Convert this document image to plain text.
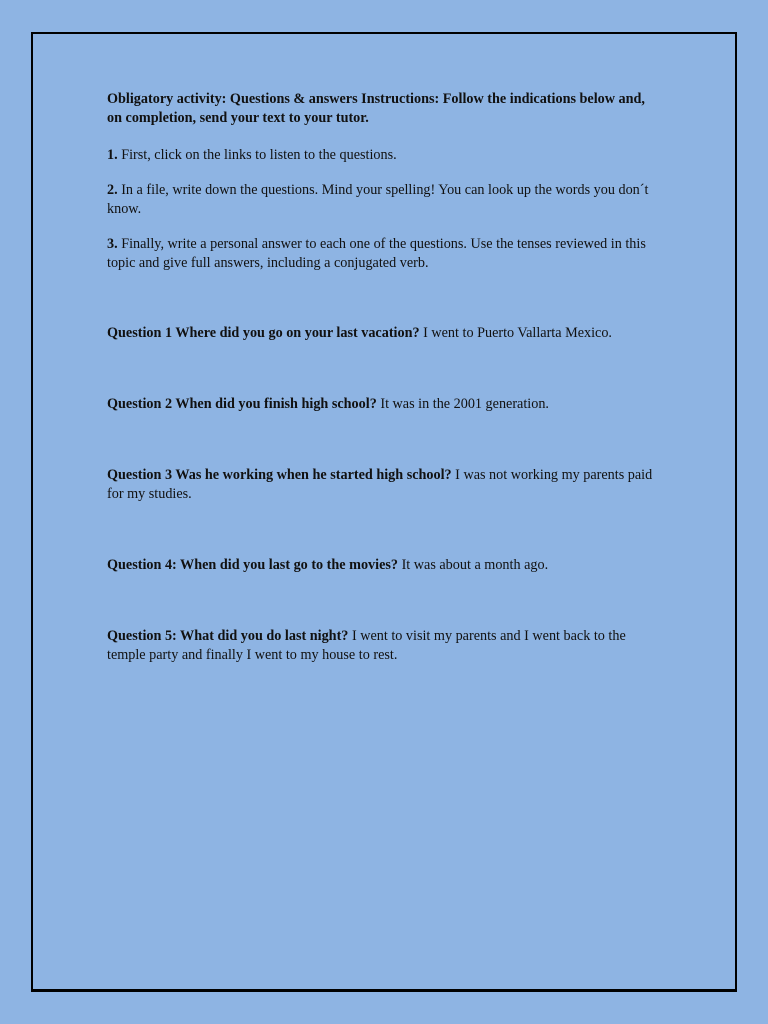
Obligatory activity: Questions & answers Instructions: Follow the indications below and, on completion, send your text to your tutor.

1. First, click on the links to listen to the questions.

2. In a file, write down the questions. Mind your spelling! You can look up the words you don´t know.

3. Finally, write a personal answer to each one of the questions. Use the tenses reviewed in this topic and give full answers, including a conjugated verb.

Question 1 Where did you go on your last vacation? I went to Puerto Vallarta Mexico.

Question 2 When did you finish high school? It was in the 2001 generation.

Question 3 Was he working when he started high school? I was not working my parents paid for my studies.

Question 4: When did you last go to the movies? It was about a month ago.

Question 5: What did you do last night? I went to visit my parents and I went back to the temple party and finally I went to my house to rest.
